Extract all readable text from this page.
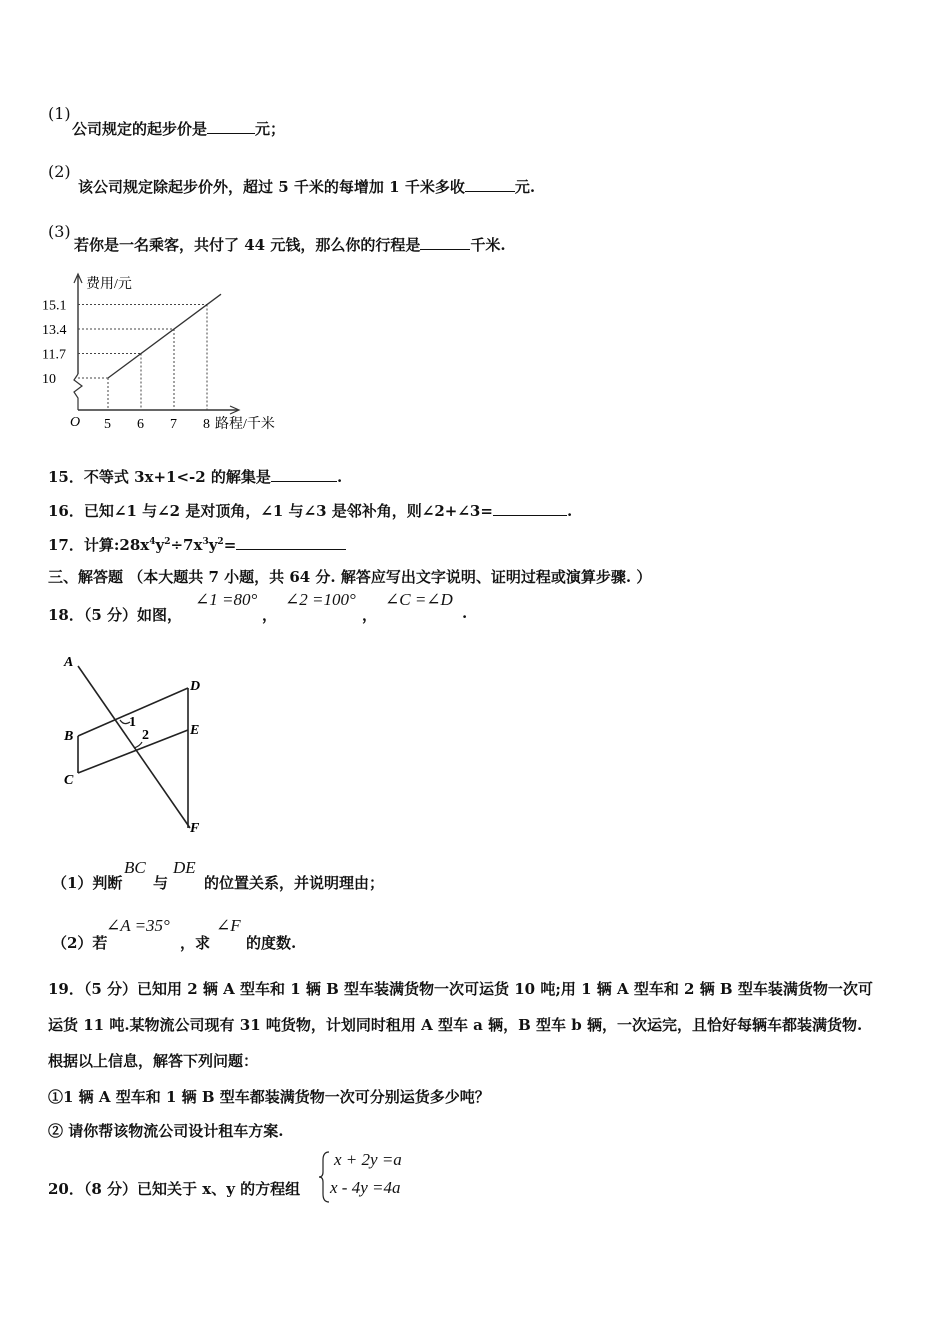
(1)
公司规定的起步价是	元；
(2)
该公司规定除起步价外，超过 5 千米的每增加 1 千米多收	元.
(3)
若你是一名乘客，共付了 44 元钱，那么你的行程是	千米.
费用/元
路程/千米
O 5
10
6
11.7
7
13.4
8
15.1
15．不等式 3x+1<-2 的解集是	.
16．已知∠1 与∠2 是对顶角，∠1 与∠3 是邻补角，则∠2+∠3=	.
17．计算$:28x^4y^2\div 7x^3y^2=$
三、解答题 （本大题共 7 小题，共 64 分. 解答应写出文字说明、证明过程或演算步骤. ）
18．（5 分）如图，
∠1 =80°
，
∠2 =100°
，
∠C =∠D
.
A
B
C
D
E
F
1
2
（1）判断
BC
与
DE
的位置关系，并说明理由；
（2）若
∠A =35°
，求
∠F
的度数.
19．（5 分）已知用 2 辆 A 型车和 1 辆 B 型车装满货物一次可运货 10 吨;用 1 辆 A 型车和 2 辆 B 型车装满货物一次可
运货 11 吨.某物流公司现有 31 吨货物，计划同时租用 A 型车 a 辆，B 型车 b 辆，一次运完，且恰好每辆车都装满货物.
根据以上信息，解答下列问题：
①1 辆 A 型车和 1 辆 B 型车都装满货物一次可分别运货多少吨？
② 请你帮该物流公司设计租车方案.
20．（8 分）已知关于 x、y 的方程组
x + 2y =a
x - 4y =4a
